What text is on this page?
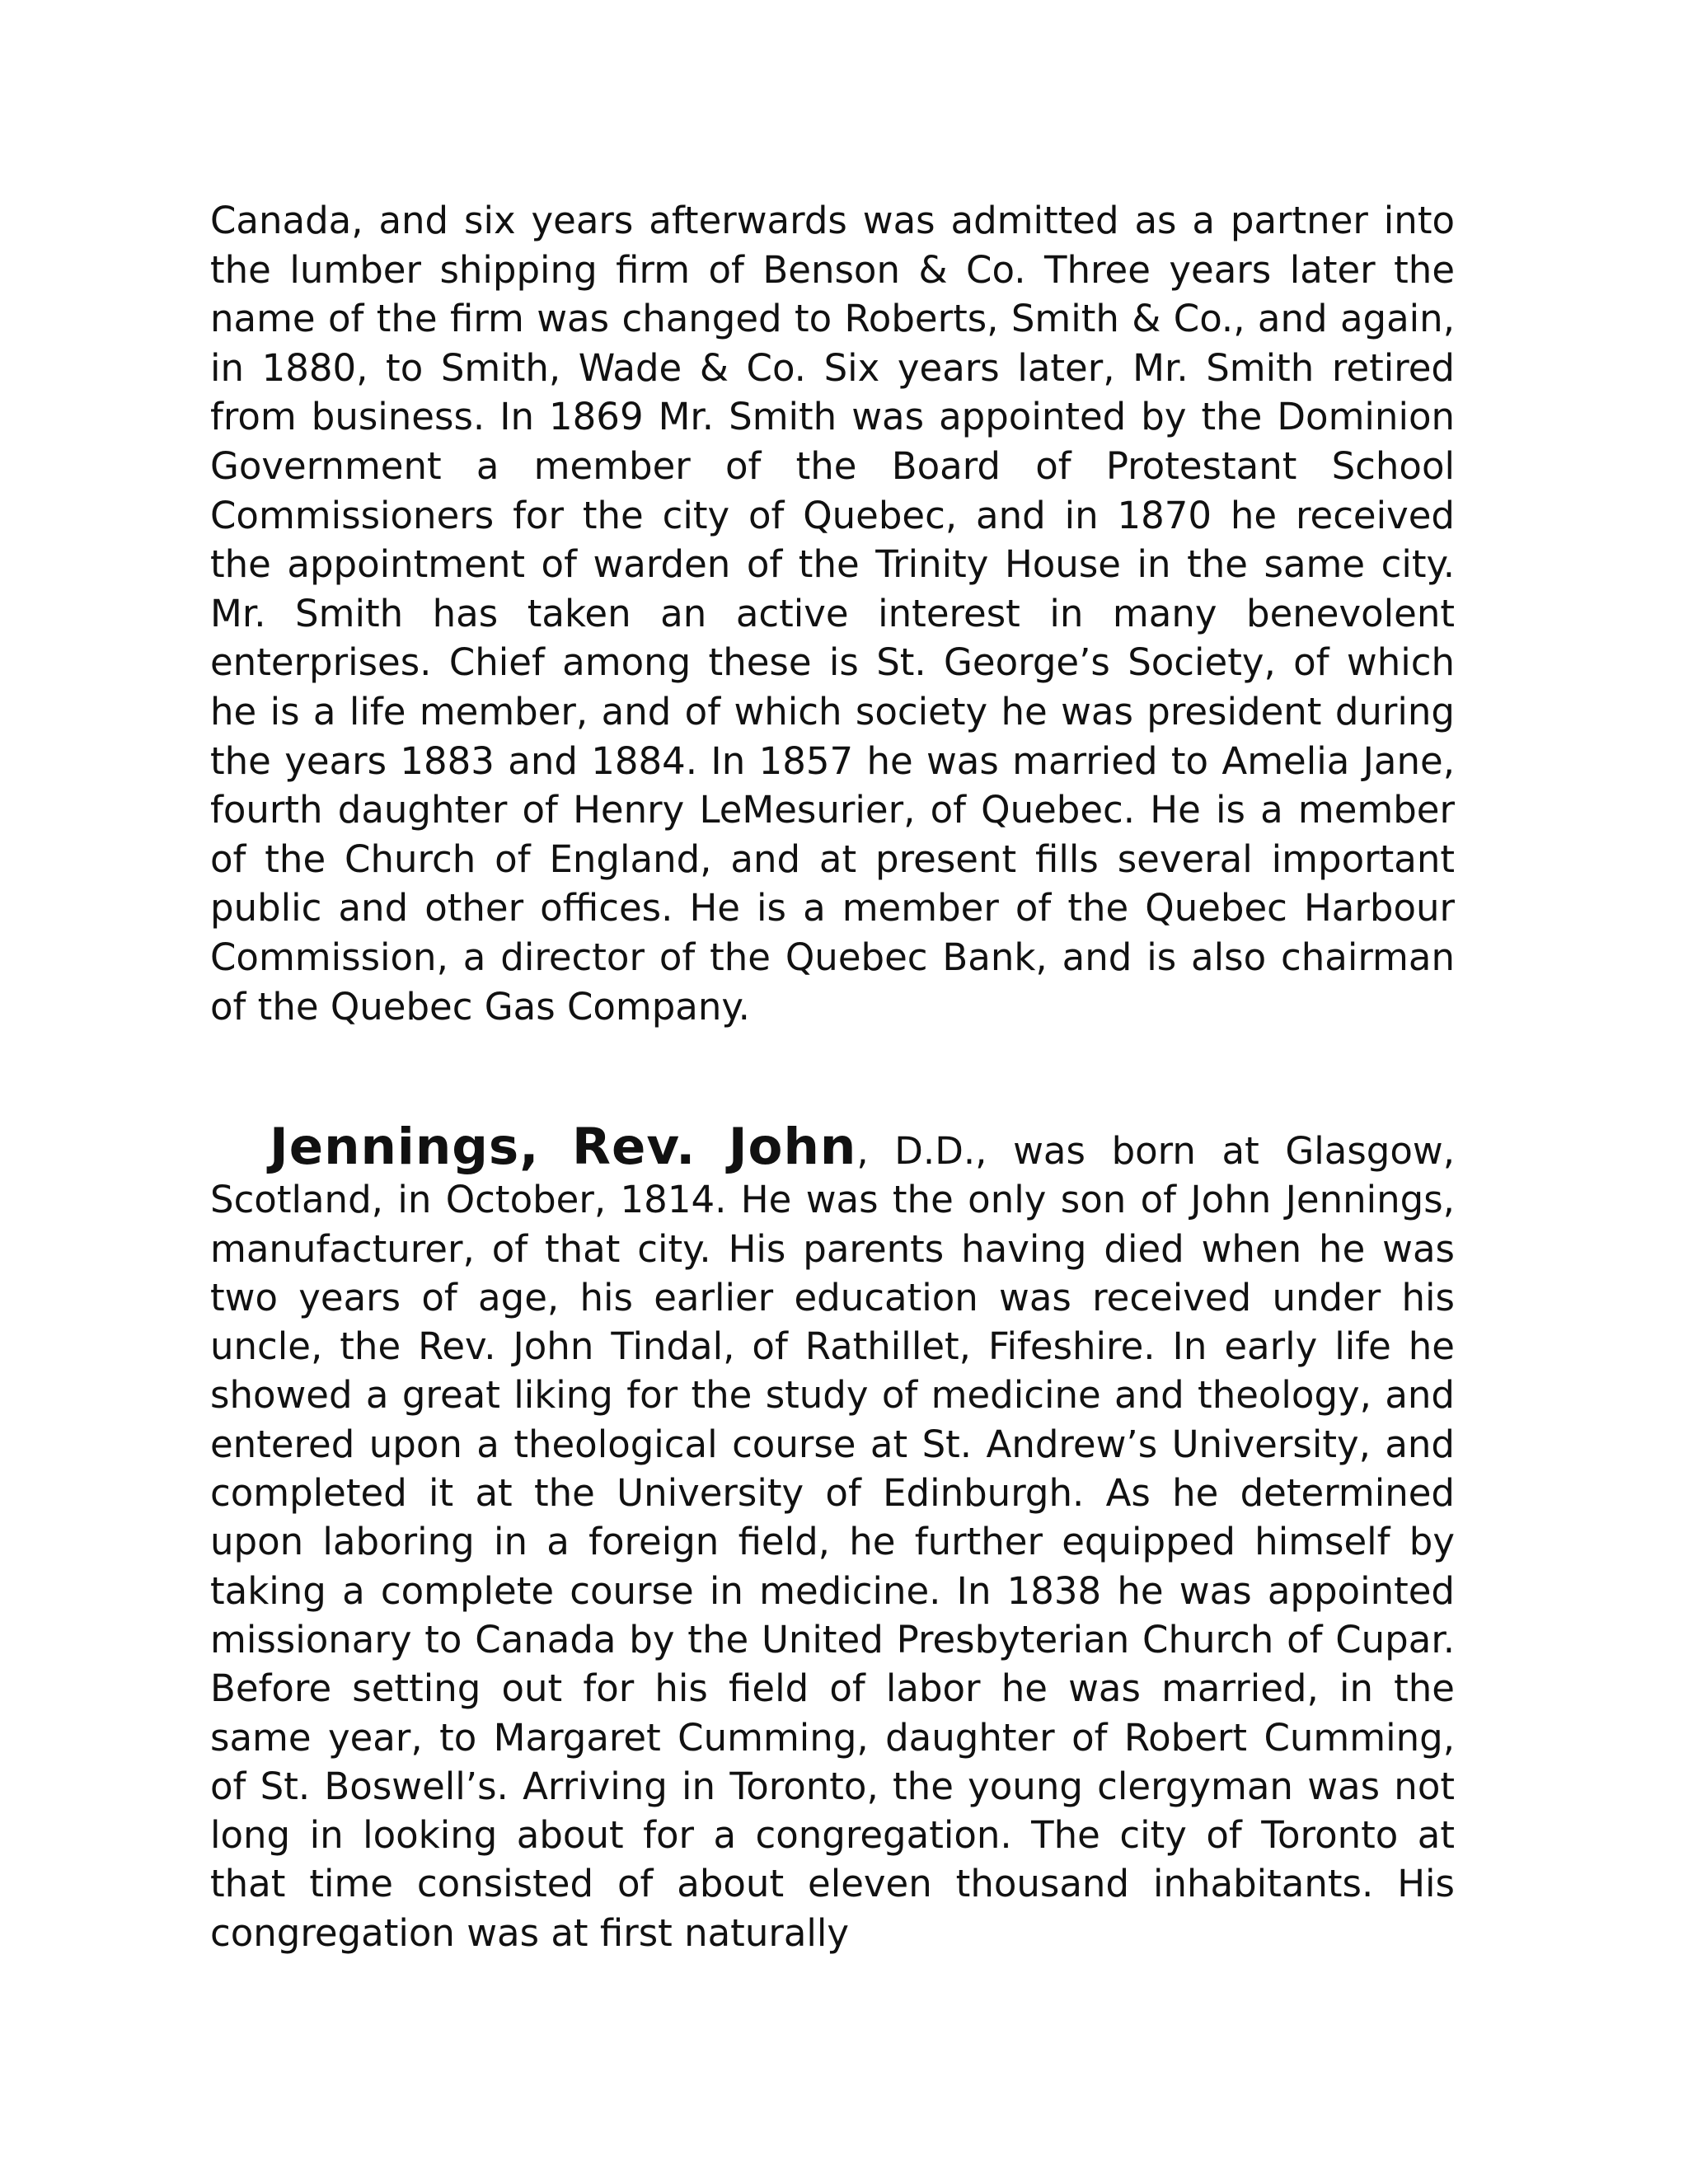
Canada, and six years afterwards was admitted as a partner into the lumber shipping firm of Benson & Co. Three years later the name of the firm was changed to Roberts, Smith & Co., and again, in 1880, to Smith, Wade & Co. Six years later, Mr. Smith retired from business. In 1869 Mr. Smith was appointed by the Dominion Government a member of the Board of Protestant School Commissioners for the city of Quebec, and in 1870 he received the appointment of warden of the Trinity House in the same city. Mr. Smith has taken an active interest in many benevolent enterprises. Chief among these is St. George’s Society, of which he is a life member, and of which society he was president during the years 1883 and 1884. In 1857 he was married to Amelia Jane, fourth daughter of Henry LeMesurier, of Quebec. He is a member of the Church of England, and at present fills several important public and other offices. He is a member of the Quebec Harbour Commission, a director of the Quebec Bank, and is also chairman of the Quebec Gas Company.

Jennings, Rev. John, D.D., was born at Glasgow, Scotland, in October, 1814. He was the only son of John Jennings, manufacturer, of that city. His parents having died when he was two years of age, his earlier education was received under his uncle, the Rev. John Tindal, of Rathillet, Fifeshire. In early life he showed a great liking for the study of medicine and theology, and entered upon a theological course at St. Andrew’s University, and completed it at the University of Edinburgh. As he determined upon laboring in a foreign field, he further equipped himself by taking a complete course in medicine. In 1838 he was appointed missionary to Canada by the United Presbyterian Church of Cupar. Before setting out for his field of labor he was married, in the same year, to Margaret Cumming, daughter of Robert Cumming, of St. Boswell’s. Arriving in Toronto, the young clergyman was not long in looking about for a congregation. The city of Toronto at that time consisted of about eleven thousand inhabitants. His congregation was at first naturally
